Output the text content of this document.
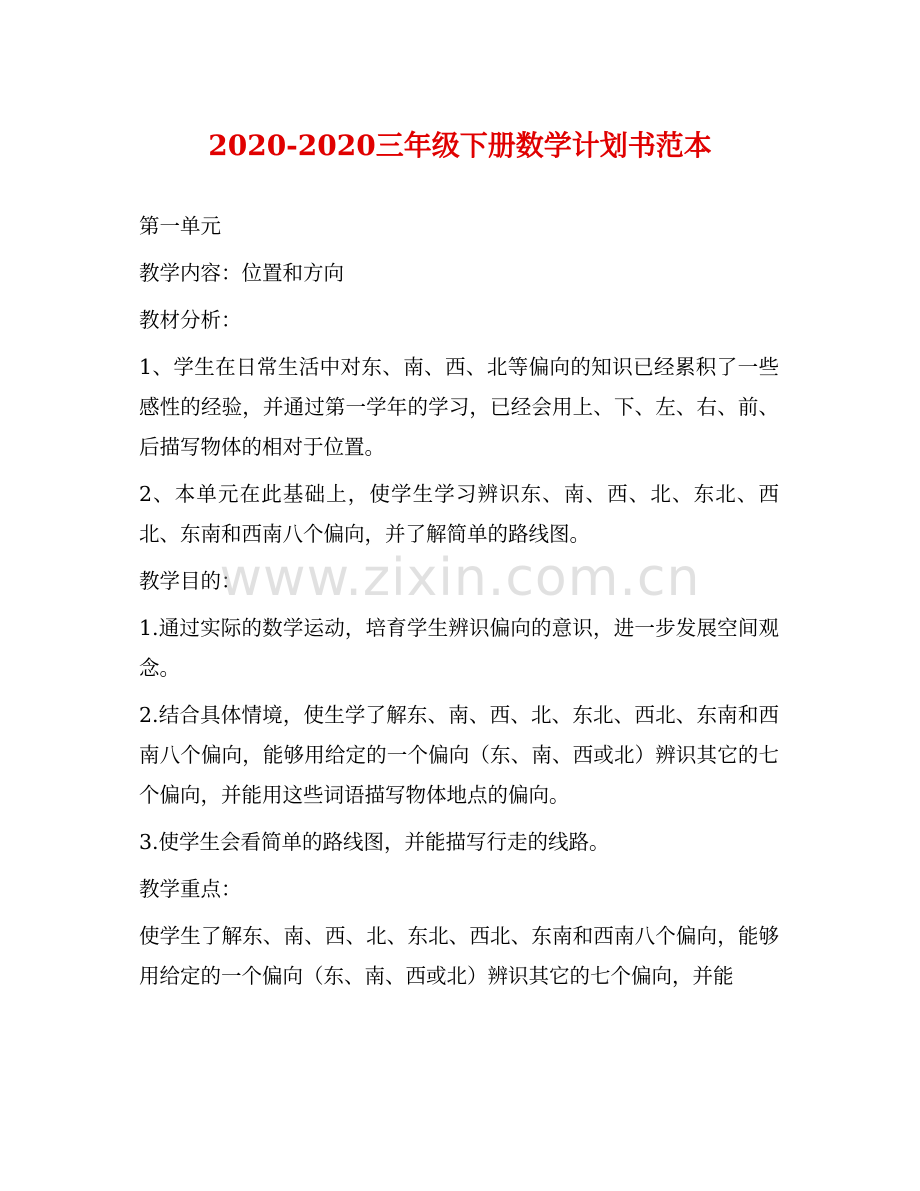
2020-2020三年级下册数学计划书范本

第一单元

教学内容：位置和方向

教材分析：

1、学生在日常生活中对东、南、西、北等偏向的知识已经累积了一些感性的经验，并通过第一学年的学习，已经会用上、下、左、右、前、后描写物体的相对于位置。

2、本单元在此基础上，使学生学习辨识东、南、西、北、东北、西北、东南和西南八个偏向，并了解简单的路线图。

教学目的：

1.通过实际的数学运动，培育学生辨识偏向的意识，进一步发展空间观念。

2.结合具体情境，使生学了解东、南、西、北、东北、西北、东南和西南八个偏向，能够用给定的一个偏向（东、南、西或北）辨识其它的七个偏向，并能用这些词语描写物体地点的偏向。

3.使学生会看简单的路线图，并能描写行走的线路。

教学重点：

使学生了解东、南、西、北、东北、西北、东南和西南八个偏向，能够用给定的一个偏向（东、南、西或北）辨识其它的七个偏向，并能

www.zixin.com.cn
